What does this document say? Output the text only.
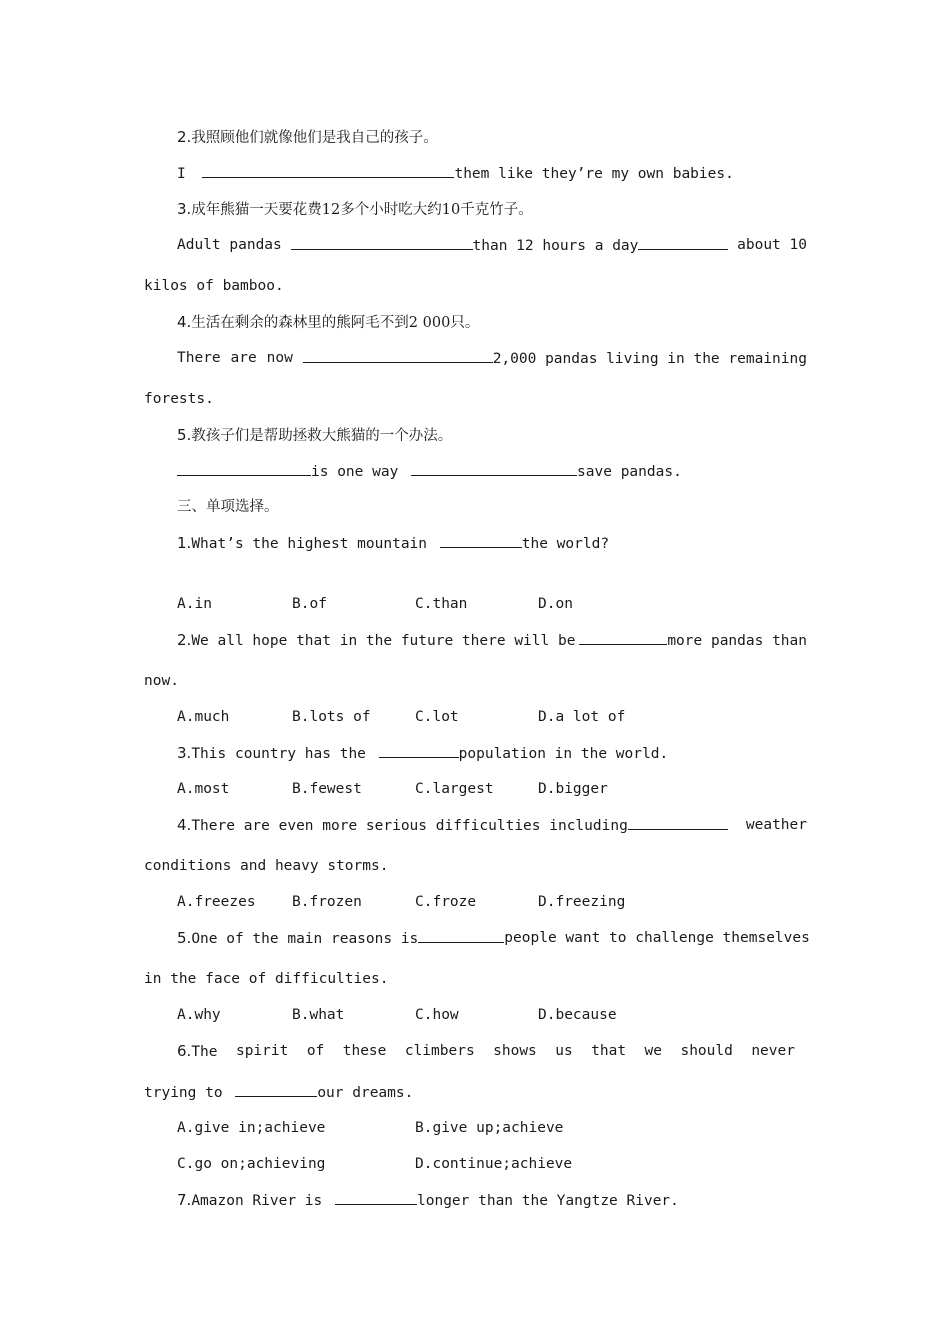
2.我照顾他们就像他们是我自己的孩子。
I	them like they’re my own babies.
3.成年熊猫一天要花费12多个小时吃大约10千克竹子。
Adult pandas	than 12 hours a day	about 10
kilos of bamboo.
4.生活在剩余的森林里的熊阿毛不到2 000只。
There are now	2,000 pandas living in the remaining
forests.
5.教孩子们是帮助拯救大熊猫的一个办法。
is one way	save pandas.
三、单项选择。
1.What’s the highest mountain	the world?
A.in	B.of	C.than	D.on
2.We all hope that in the future there will be	more pandas than
now.
A.much	B.lots of	C.lot	D.a lot of
3.This country has the	population in the world.
A.most	B.fewest	C.largest	D.bigger
4.There are even more serious difficulties including	weather
conditions and heavy storms.
A.freezes	B.frozen	C.froze	D.freezing
5.One of the main reasons is	people want to challenge themselves
in the face of difficulties.
A.why	B.what	C.how	D.because
6.The spirit of these climbers shows us that we should never
trying to	our dreams.
A.give in;achieve	B.give up;achieve
C.go on;achieving	D.continue;achieve
7.Amazon River is	longer than the Yangtze River.
